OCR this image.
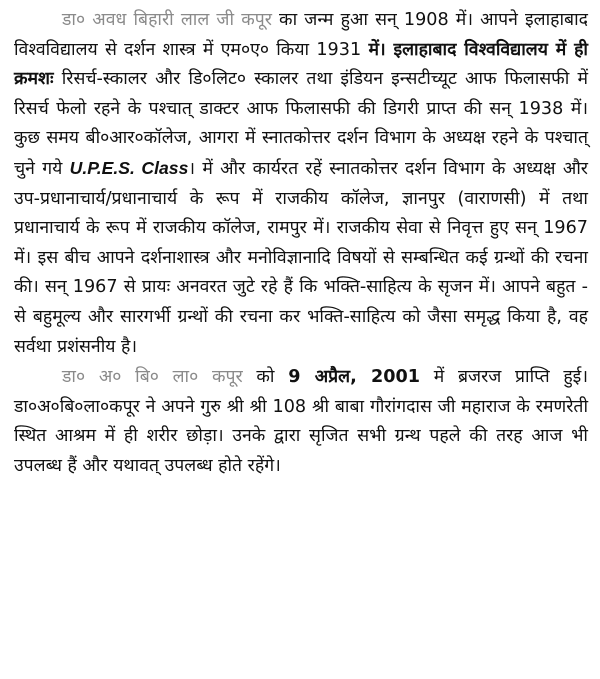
डा० अवध बिहारी लाल जी कपूर का जन्म हुआ सन् 1908 में। आपने इलाहाबाद विश्वविद्यालय से दर्शन शास्त्र में एम०ए० किया 1931 में। इलाहाबाद विश्वविद्यालय में ही क्रमशः रिसर्च-स्कालर और डि०लिट० स्कालर तथा इंडियन इन्सटीच्यूट आफ फिलासफी में रिसर्च फेलो रहने के पश्चात् डाक्टर आफ फिलासफी की डिगरी प्राप्त की सन् 1938 में। कुछ समय बी०आर०कॉलेज, आगरा में स्नातकोत्तर दर्शन विभाग के अध्यक्ष रहने के पश्चात् चुने गये U.P.E.S. Class। में और कार्यरत रहें स्नातकोत्तर दर्शन विभाग के अध्यक्ष और उप-प्रधानाचार्य/प्रधानाचार्य के रूप में राजकीय कॉलेज, ज्ञानपुर (वाराणसी) में तथा प्रधानाचार्य के रूप में राजकीय कॉलेज, रामपुर में। राजकीय सेवा से निवृत्त हुए सन् 1967 में। इस बीच आपने दर्शनाशास्त्र और मनोविज्ञानादि विषयों से सम्बन्धित कई ग्रन्थों की रचना की। सन् 1967 से प्रायः अनवरत जुटे रहे हैं कि भक्ति-साहित्य के सृजन में। आपने बहुत - से बहुमूल्य और सारगर्भी ग्रन्थों की रचना कर भक्ति-साहित्य को जैसा समृद्ध किया है, वह सर्वथा प्रशंसनीय है।

डा० अ० बि० ला० कपूर को 9 अप्रैल, 2001 में ब्रजरज प्राप्ति हुई। डा०अ०बि०ला०कपूर ने अपने गुरु श्री श्री 108 श्री बाबा गौरांगदास जी महाराज के रमणरेती स्थित आश्रम में ही शरीर छोड़ा। उनके द्वारा सृजित सभी ग्रन्थ पहले की तरह आज भी उपलब्ध हैं और यथावत् उपलब्ध होते रहेंगे।
